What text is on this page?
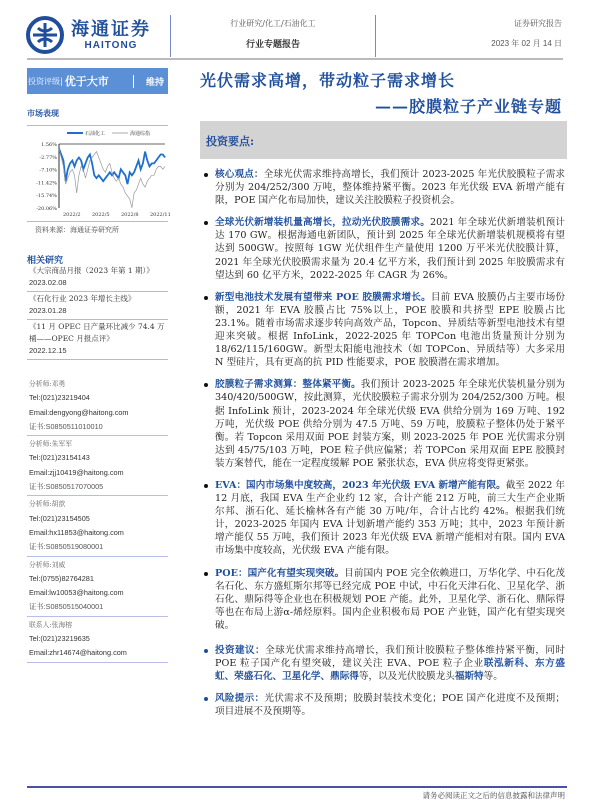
海通证券
HAITONG
行业研究/化工/石油化工
行业专题报告
证券研究报告
2023 年 02 月 14 日
投资评级 | 优于大市	维持 光伏需求高增，带动粒子需求增长
——胶膜粒子产业链专题
市场表现
1.56%
-2.77%
-7.10%
-11.42%
-15.74%
-20.06%
2022/2 2022/5 2022/8 2022/11
石油化工	海通综指
资料来源：海通证券研究所
相关研究
《大宗商品月报（2023 年第 1 期）》
2023.02.08
《石化行业 2023 年增长主线》
2023.01.28
《11 月 OPEC 日产量环比减少 74.4 万桶——OPEC 月报点评》
2022.12.15
分析师:邓勇
Tel:(021)23219404
Email:dengyong@haitong.com
证书:S0850511010010
分析师:朱军军
Tel:(021)23154143
Email:zjj10419@haitong.com
证书:S0850517070005
分析师:胡歆
Tel:(021)23154505
Email:hx11853@haitong.com
证书:S0850519080001
分析师:刘威
Tel:(0755)82764281
Email:lw10053@haitong.com
证书:S0850515040001
联系人:张海榕
Tel:(021)23219635
Email:zhr14674@haitong.com
投资要点:
核心观点：全球光伏需求维持高增长，我们预计 2023-2025 年光伏胶膜粒子需求分别为 204/252/300 万吨，整体维持紧平衡。2023 年光伏级 EVA 新增产能有限，POE 国产化布局加快，建议关注胶膜粒子投资机会。
全球光伏新增装机量高增长，拉动光伏胶膜需求。2021 年全球光伏新增装机预计达 170 GW。根据海通电新团队，预计到 2025 年全球光伏新增装机规模将有望达到 500GW。按照每 1GW 光伏组件生产量使用 1200 万平米光伏胶膜计算，2021 年全球光伏胶膜需求量为 20.4 亿平方米，我们预计到 2025 年胶膜需求有望达到 60 亿平方米，2022-2025 年 CAGR 为 26%。
新型电池技术发展有望带来 POE 胶膜需求增长。目前 EVA 胶膜仍占主要市场份额，2021 年 EVA 胶膜占比 75%以上，POE 胶膜和共挤型 EPE 胶膜占比 23.1%。随着市场需求逐步转向高效产品，Topcon、异质结等新型电池技术有望迎来突破。根据 InfoLink，2022-2025 年 TOPCon 电池出货量预计分别为 18/62/115/160GW。新型太阳能电池技术（如 TOPCon、异质结等）大多采用 N 型硅片，具有更高的抗 PID 性能要求，POE 胶膜潜在需求增加。
胶膜粒子需求测算：整体紧平衡。我们预计 2023-2025 年全球光伏装机量分别为 340/420/500GW，按此测算，光伏胶膜粒子需求分别为 204/252/300 万吨。根据 InfoLink 预计，2023-2024 年全球光伏级 EVA 供给分别为 169 万吨、192 万吨，光伏级 POE 供给分别为 47.5 万吨、59 万吨，胶膜粒子整体仍处于紧平衡。若 Topcon 采用双面 POE 封装方案，则 2023-2025 年 POE 光伏需求分别达到 45/75/103 万吨，POE 粒子供应偏紧；若 TOPCon 采用双面 EPE 胶膜封装方案替代，能在一定程度缓解 POE 紧张状态，EVA 供应将变得更紧张。
EVA：国内市场集中度较高，2023 年光伏级 EVA 新增产能有限。截至 2022 年 12 月底，我国 EVA 生产企业约 12 家，合计产能 212 万吨，前三大生产企业斯尔邦、浙石化、延长榆林各有产能 30 万吨/年，合计占比约 42%。根据我们统计，2023-2025 年国内 EVA 计划新增产能约 353 万吨；其中，2023 年预计新增产能仅 55 万吨，我们预计 2023 年光伏级 EVA 新增产能相对有限。国内 EVA 市场集中度较高，光伏级 EVA 产能有限。
POE：国产化有望实现突破。目前国内 POE 完全依赖进口，万华化学、中石化茂名石化、东方盛虹斯尔邦等已经完成 POE 中试，中石化天津石化、卫星化学、浙石化、鼎际得等企业也在积极规划 POE 产能。此外，卫星化学、浙石化、鼎际得等也在布局上游α-烯烃原料。国内企业积极布局 POE 产业链，国产化有望实现突破。
投资建议：全球光伏需求维持高增长，我们预计胶膜粒子整体维持紧平衡，同时 POE 粒子国产化有望突破，建议关注 EVA、POE 粒子企业联泓新科、东方盛虹、荣盛石化、卫星化学、鼎际得等，以及光伏胶膜龙头福斯特等。
风险提示：光伏需求不及预期；胶膜封装技术变化；POE 国产化进度不及预期；项目进展不及预期等。
请务必阅读正文之后的信息披露和法律声明
